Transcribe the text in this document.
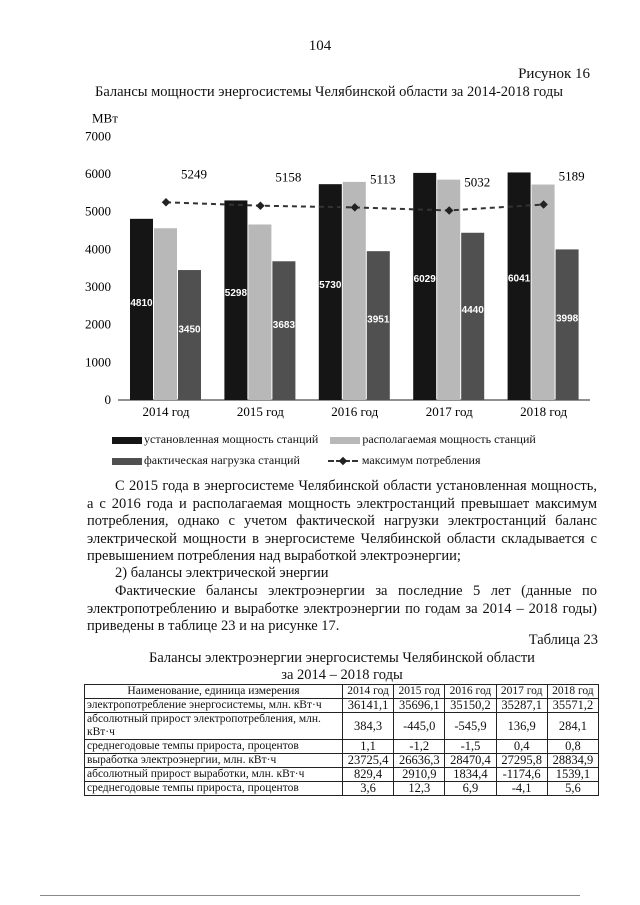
104
Рисунок 16
Балансы мощности энергосистемы Челябинской области за 2014-2018 годы
МВт
0
1000
2000
3000
4000
5000
6000
7000
4810
3450
2014 год
5298
3683
2015 год
5730
3951
2016 год
6029
4440
2017 год
6041
3998
2018 год
5249	5158	5113	5032	5189
установленная мощность станций	располагаемая мощность станций
фактическая нагрузка станций	максимум потребления
С 2015 года в энергосистеме Челябинской области установленная мощность, а с 2016 года и располагаемая мощность электростанций превышает максимум потребления, однако с учетом фактической нагрузки электростанций баланс электрической мощности в энергосистеме Челябинской области складывается с превышением потребления над выработкой электроэнергии;
2) балансы электрической энергии
Фактические балансы электроэнергии за последние 5 лет (данные по электропотреблению и выработке электроэнергии по годам за 2014 – 2018 годы) приведены в таблице 23 и на рисунке 17.
Таблица 23
Балансы электроэнергии энергосистемы Челябинской области
за 2014 – 2018 годы
Наименование, единица измерения	2014 год	2015 год	2016 год	2017 год	2018 год
электропотребление энергосистемы, млн. кВт·ч	36141,1	35696,1	35150,2	35287,1	35571,2
абсолютный прирост электропотребления, млн. кВт·ч	384,3	-445,0	-545,9	136,9	284,1
среднегодовые темпы прироста, процентов	1,1	-1,2	-1,5	0,4	0,8
выработка электроэнергии, млн. кВт·ч	23725,4	26636,3	28470,4	27295,8	28834,9
абсолютный прирост выработки, млн. кВт·ч	829,4	2910,9	1834,4	-1174,6	1539,1
среднегодовые темпы прироста, процентов	3,6	12,3	6,9	-4,1	5,6
